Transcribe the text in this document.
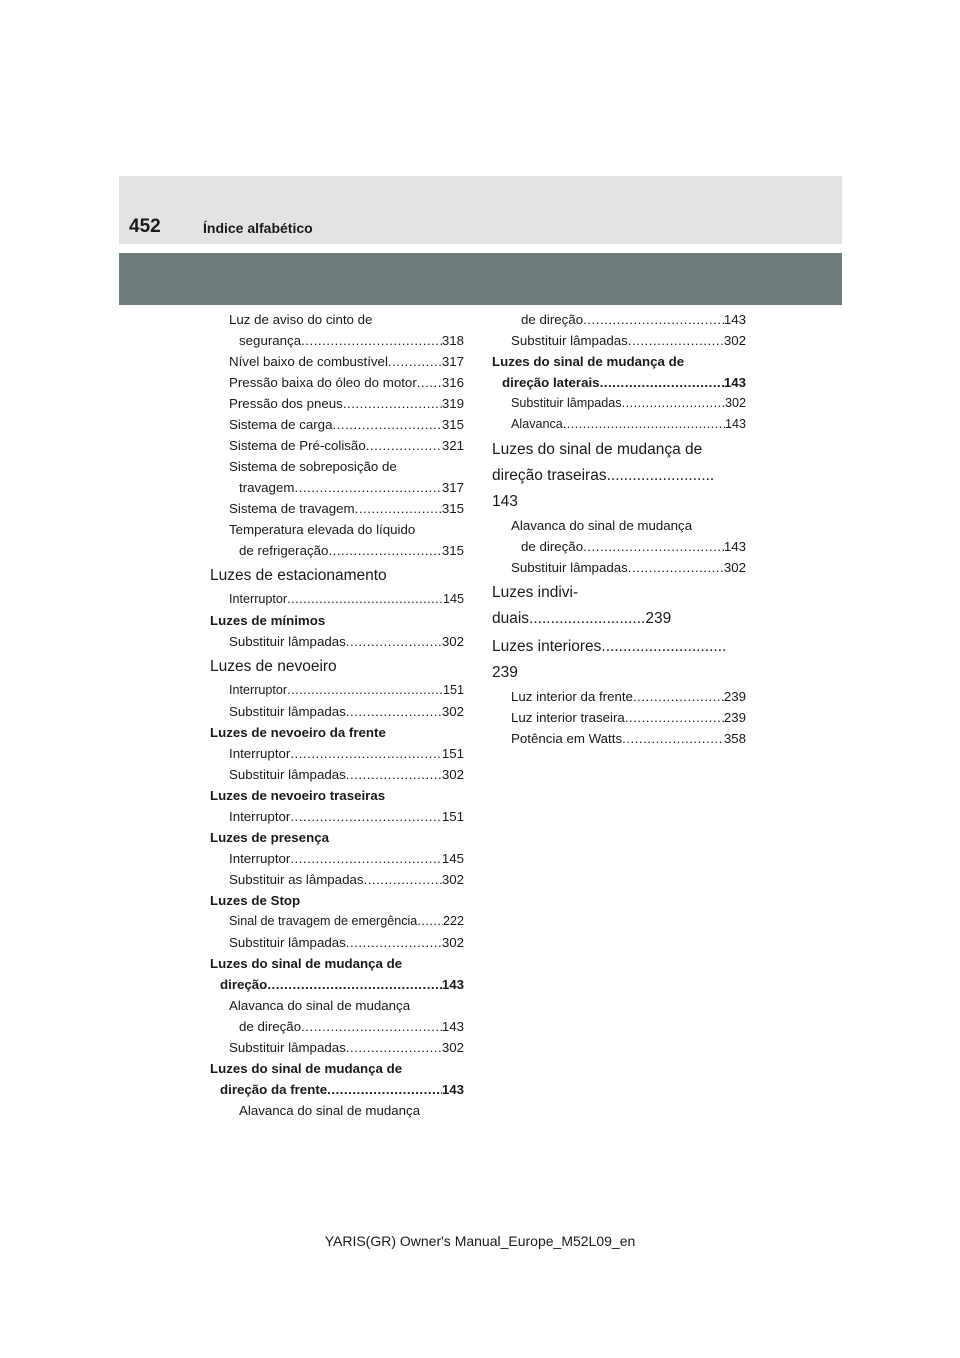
452	Índice alfabético
Luz de aviso do cinto de
segurança .....	318
Nível baixo de combustível .....	317
Pressão baixa do óleo do motor ..... 316
Pressão dos pneus .....	319
Sistema de carga .....	315
Sistema de Pré-colisão .....	321
Sistema de sobreposição de
travagem .....	317
Sistema de travagem .....	315
Temperatura elevada do líquido
de refrigeração .....	315
Luzes de estacionamento
Interruptor .....	145
Luzes de mínimos
Substituir lâmpadas .....	302
Luzes de nevoeiro
Interruptor .....	151
Substituir lâmpadas .....	302
Luzes de nevoeiro da frente
Interruptor .....	151
Substituir lâmpadas .....	302
Luzes de nevoeiro traseiras
Interruptor .....	151
Luzes de presença
Interruptor .....	145
Substituir as lâmpadas .....	302
Luzes de Stop
Sinal de travagem de emergência ..... 222
Substituir lâmpadas .....	302
Luzes do sinal de mudança de
direção .....	143
Alavanca do sinal de mudança
de direção .....	143
Substituir lâmpadas .....	302
Luzes do sinal de mudança de
direção da frente .....	143
Alavanca do sinal de mudança
de direção .....	143
Substituir lâmpadas .....	302
Luzes do sinal de mudança de
direção laterais .....	143
Substituir lâmpadas .....	302
Alavanca .....	143
Luzes do sinal de mudança de
direção traseiras.........................
143
Alavanca do sinal de mudança
de direção .....	143
Substituir lâmpadas .....	302
Luzes indivi-
duais...........................239
Luzes interiores.............................
239
Luz interior da frente .....	239
Luz interior traseira .....	239
Potência em Watts .....	358
YARIS(GR) Owner's Manual_Europe_M52L09_en
